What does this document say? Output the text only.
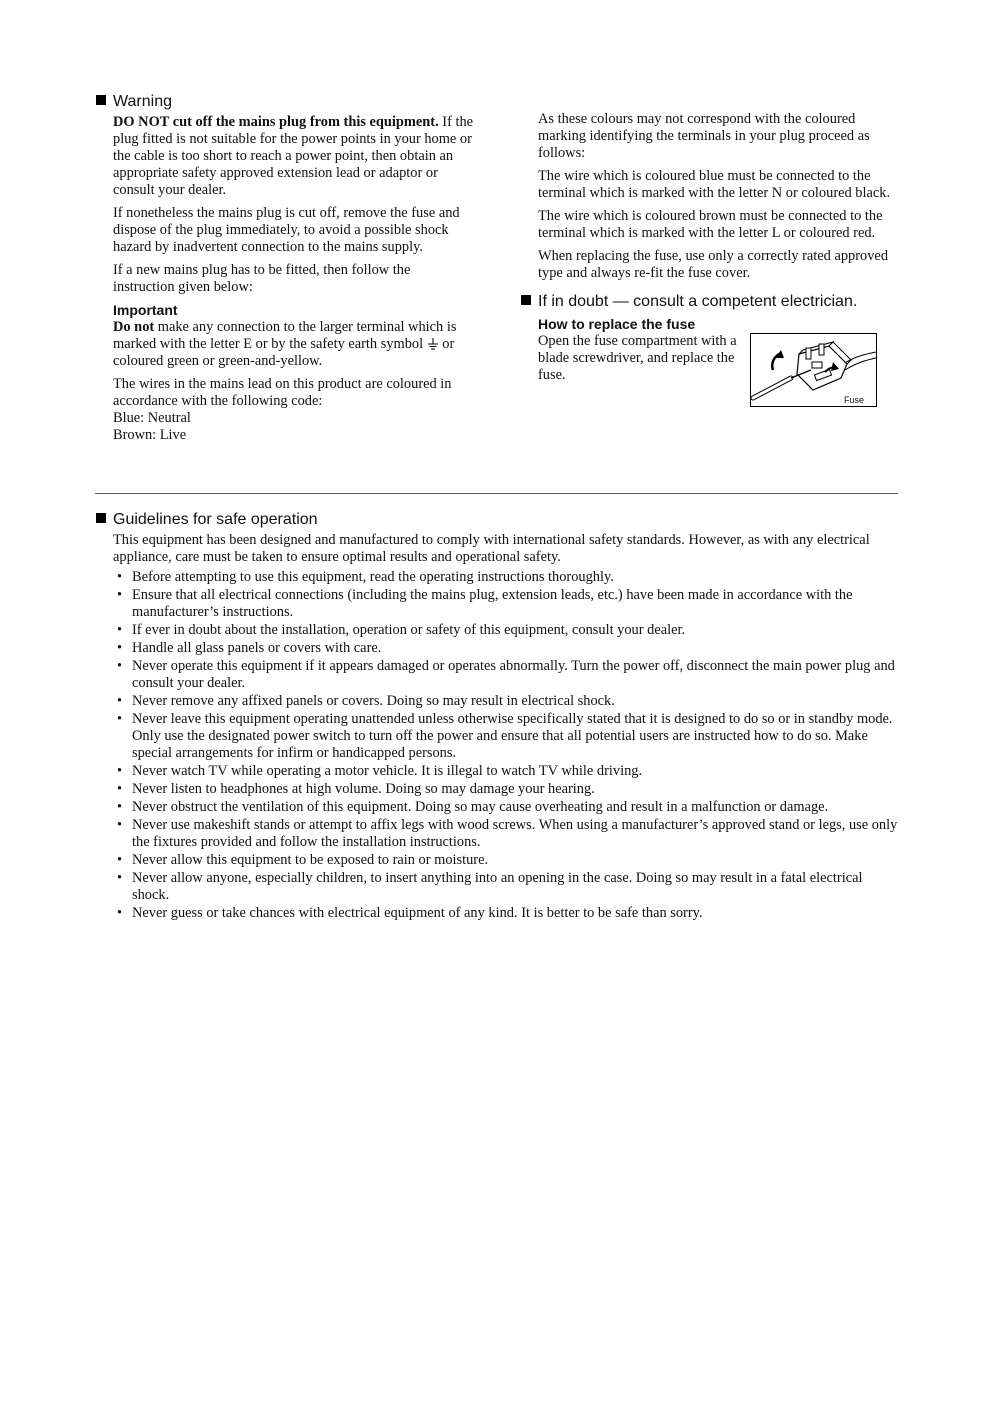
Warning

DO NOT cut off the mains plug from this equipment. If the plug fitted is not suitable for the power points in your home or the cable is too short to reach a power point, then obtain an appropriate safety approved extension lead or adaptor or consult your dealer.

If nonetheless the mains plug is cut off, remove the fuse and dispose of the plug immediately, to avoid a possible shock hazard by inadvertent connection to the mains supply.

If a new mains plug has to be fitted, then follow the instruction given below:

Important

Do not make any connection to the larger terminal which is marked with the letter E or by the safety earth symbol  or coloured green or green-and-yellow.

The wires in the mains lead on this product are coloured in accordance with the following code:

Blue: Neutral

Brown: Live

As these colours may not correspond with the coloured marking identifying the terminals in your plug proceed as follows:

The wire which is coloured blue must be connected to the terminal which is marked with the letter N or coloured black.

The wire which is coloured brown must be connected to the terminal which is marked with the letter L or coloured red.

When replacing the fuse, use only a correctly rated approved type and always re-fit the fuse cover.

If in doubt — consult a competent electrician.
How to replace the fuse

Open the fuse compartment with a blade screwdriver, and replace the fuse.

Fuse
Guidelines for safe operation

This equipment has been designed and manufactured to comply with international safety standards. However, as with any electrical appliance, care must be taken to ensure optimal results and operational safety.

• Before attempting to use this equipment, read the operating instructions thoroughly.
• Ensure that all electrical connections (including the mains plug, extension leads, etc.) have been made in accordance with the manufacturer’s instructions.
• If ever in doubt about the installation, operation or safety of this equipment, consult your dealer.
• Handle all glass panels or covers with care.
• Never operate this equipment if it appears damaged or operates abnormally. Turn the power off, disconnect the main power plug and consult your dealer.
• Never remove any affixed panels or covers. Doing so may result in electrical shock.
• Never leave this equipment operating unattended unless otherwise specifically stated that it is designed to do so or in standby mode. Only use the designated power switch to turn off the power and ensure that all potential users are instructed how to do so. Make special arrangements for infirm or handicapped persons.
• Never watch TV while operating a motor vehicle. It is illegal to watch TV while driving.
• Never listen to headphones at high volume. Doing so may damage your hearing.
• Never obstruct the ventilation of this equipment. Doing so may cause overheating and result in a malfunction or damage.
• Never use makeshift stands or attempt to affix legs with wood screws. When using a manufacturer’s approved stand or legs, use only the fixtures provided and follow the installation instructions.
• Never allow this equipment to be exposed to rain or moisture.
• Never allow anyone, especially children, to insert anything into an opening in the case. Doing so may result in a fatal electrical shock.
• Never guess or take chances with electrical equipment of any kind. It is better to be safe than sorry.
